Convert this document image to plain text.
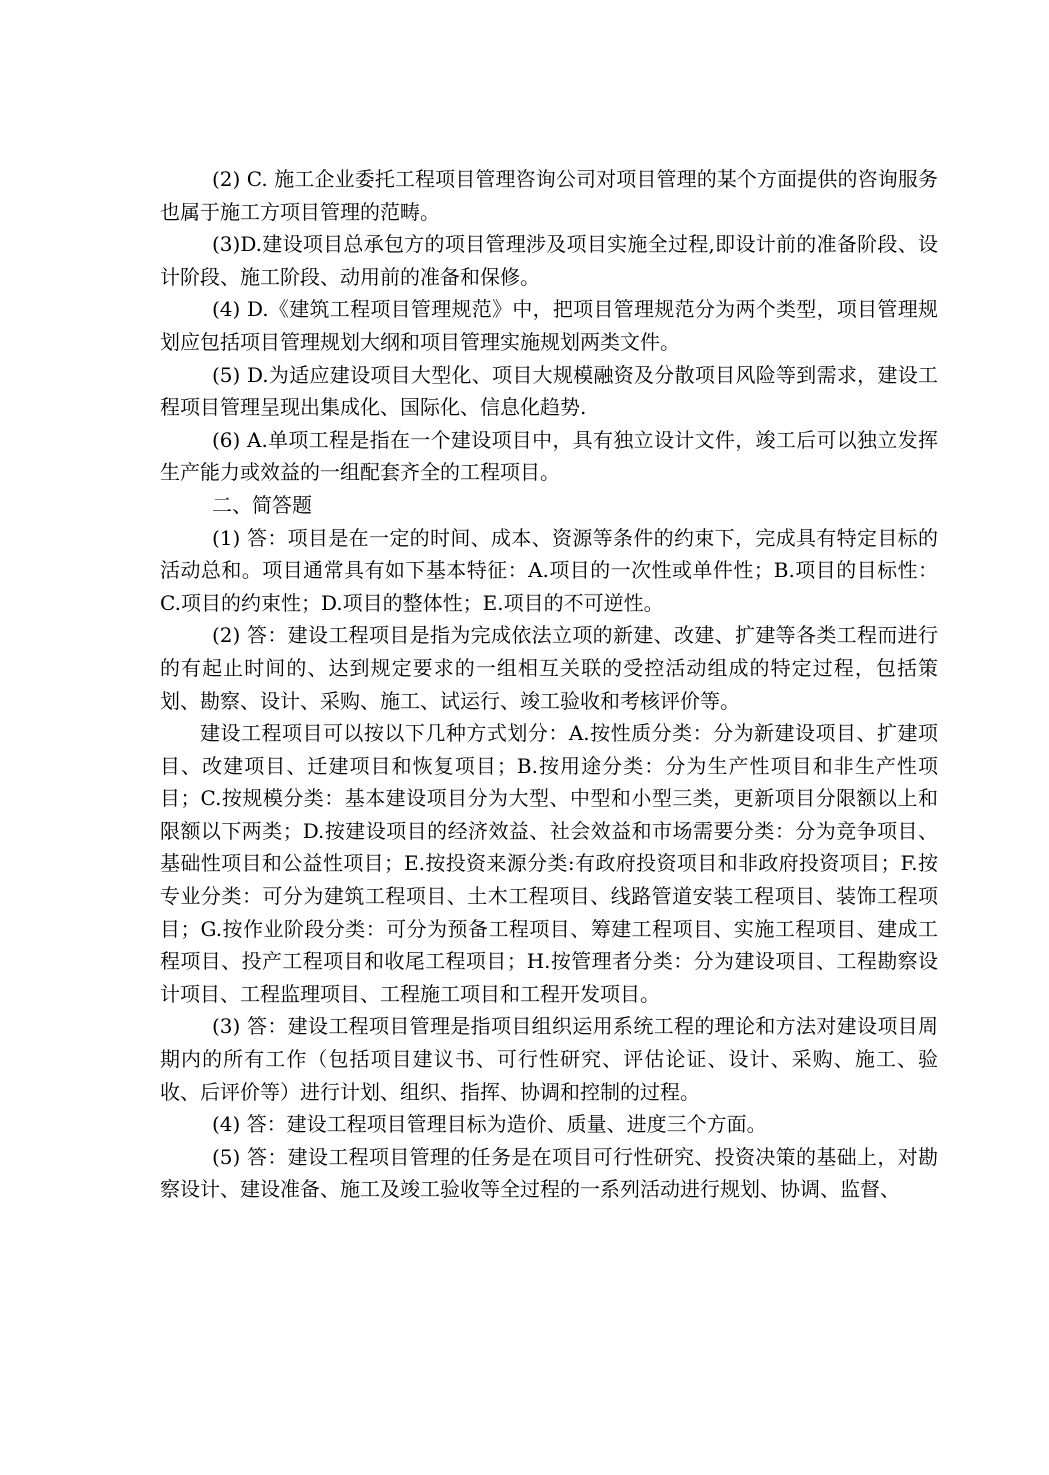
(2) C. 施工企业委托工程项目管理咨询公司对项目管理的某个方面提供的咨询服务也属于施工方项目管理的范畴。

(3)D.建设项目总承包方的项目管理涉及项目实施全过程,即设计前的准备阶段、设计阶段、施工阶段、动用前的准备和保修。

(4) D.《建筑工程项目管理规范》中，把项目管理规范分为两个类型，项目管理规划应包括项目管理规划大纲和项目管理实施规划两类文件。

(5) D.为适应建设项目大型化、项目大规模融资及分散项目风险等到需求，建设工程项目管理呈现出集成化、国际化、信息化趋势.

(6) A.单项工程是指在一个建设项目中，具有独立设计文件，竣工后可以独立发挥生产能力或效益的一组配套齐全的工程项目。

二、简答题

(1) 答：项目是在一定的时间、成本、资源等条件的约束下，完成具有特定目标的活动总和。项目通常具有如下基本特征：A.项目的一次性或单件性；B.项目的目标性：C.项目的约束性；D.项目的整体性；E.项目的不可逆性。

(2) 答：建设工程项目是指为完成依法立项的新建、改建、扩建等各类工程而进行的有起止时间的、达到规定要求的一组相互关联的受控活动组成的特定过程，包括策划、勘察、设计、采购、施工、试运行、竣工验收和考核评价等。

建设工程项目可以按以下几种方式划分：A.按性质分类：分为新建设项目、扩建项目、改建项目、迁建项目和恢复项目；B.按用途分类：分为生产性项目和非生产性项目；C.按规模分类：基本建设项目分为大型、中型和小型三类，更新项目分限额以上和限额以下两类；D.按建设项目的经济效益、社会效益和市场需要分类：分为竞争项目、基础性项目和公益性项目；E.按投资来源分类:有政府投资项目和非政府投资项目；F.按专业分类：可分为建筑工程项目、土木工程项目、线路管道安装工程项目、装饰工程项目；G.按作业阶段分类：可分为预备工程项目、筹建工程项目、实施工程项目、建成工程项目、投产工程项目和收尾工程项目；H.按管理者分类：分为建设项目、工程勘察设计项目、工程监理项目、工程施工项目和工程开发项目。

(3) 答：建设工程项目管理是指项目组织运用系统工程的理论和方法对建设项目周期内的所有工作（包括项目建议书、可行性研究、评估论证、设计、采购、施工、验收、后评价等）进行计划、组织、指挥、协调和控制的过程。

(4) 答：建设工程项目管理目标为造价、质量、进度三个方面。

(5) 答：建设工程项目管理的任务是在项目可行性研究、投资决策的基础上，对勘察设计、建设准备、施工及竣工验收等全过程的一系列活动进行规划、协调、监督、
